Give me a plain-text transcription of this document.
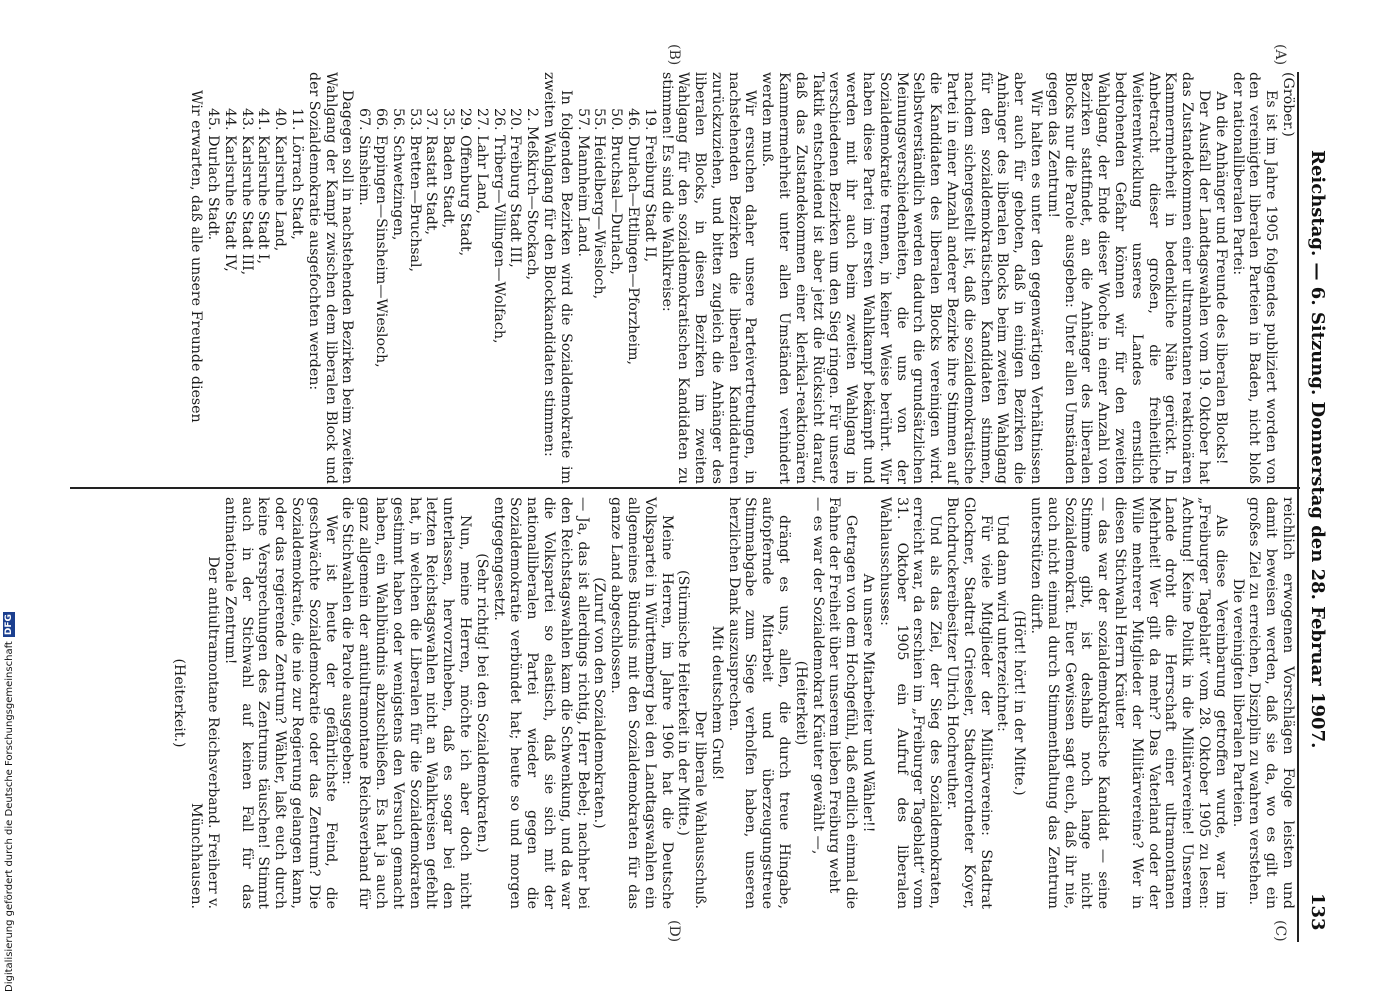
Reichstag. — 6. Sitzung. Donnerstag den 28. Februar 1907.
133
(A)
(B)
(C)
(D)

(Gröber.)

Es ist im Jahre 1905 folgendes publiziert worden von den vereinigten liberalen Parteien in Baden, nicht bloß der nationalliberalen Partei:

An die Anhänger und Freunde des liberalen Blocks!

Der Ausfall der Landtagswahlen vom 19. Oktober hat das Zustandekommen einer ultramontanen reaktionären Kammermehrheit in bedenkliche Nähe gerückt. In Anbetracht dieser großen, die freiheitliche Weiterentwicklung unseres Landes ernstlich bedrohenden Gefahr können wir für den zweiten Wahlgang, der Ende dieser Woche in einer Anzahl von Bezirken stattfindet, an die Anhänger des liberalen Blocks nur die Parole ausgeben: Unter allen Umständen gegen das Zentrum!

Wir halten es unter den gegenwärtigen Verhältnissen aber auch für geboten, daß in einigen Bezirken die Anhänger des liberalen Blocks beim zweiten Wahlgang für den sozialdemokratischen Kandidaten stimmen, nachdem sichergestellt ist, daß die sozialdemokratische Partei in einer Anzahl anderer Bezirke ihre Stimmen auf die Kandidaten des liberalen Blocks vereinigen wird. Selbstverständlich werden dadurch die grundsätzlichen Meinungsverschiedenheiten, die uns von der Sozialdemokratie trennen, in keiner Weise berührt. Wir haben diese Partei im ersten Wahlkampf bekämpft und werden mit ihr auch beim zweiten Wahlgang in verschiedenen Bezirken um den Sieg ringen. Für unsere Taktik entscheidend ist aber jetzt die Rücksicht darauf, daß das Zustandekommen einer klerikal-reaktionären Kammermehrheit unter allen Umständen verhindert werden muß.

Wir ersuchen daher unsere Parteivertretungen, in nachstehenden Bezirken die liberalen Kandidaturen zurückzuziehen, und bitten zugleich die Anhänger des liberalen Blocks, in diesen Bezirken im zweiten Wahlgang für den sozialdemokratischen Kandidaten zu stimmen! Es sind die Wahlkreise:

19. Freiburg Stadt II,

46. Durlach—Ettlingen—Pforzheim,

50. Bruchsal—Durlach,

55. Heidelberg—Wiesloch,

57. Mannheim Land.

In folgenden Bezirken wird die Sozialdemokratie im zweiten Wahlgang für den Blockkandidaten stimmen:

2. Meßkirch—Stockach,

20. Freiburg Stadt III,

26. Triberg—Villingen—Wolfach,

27. Lahr Land,

29. Offenburg Stadt,

35. Baden Stadt,

37. Rastatt Stadt,

53. Bretten—Bruchsal,

56. Schwetzingen,

66. Eppingen—Sinsheim—Wiesloch,

67. Sinsheim.

Dagegen soll in nachstehenden Bezirken beim zweiten Wahlgang der Kampf zwischen dem liberalen Block und der Sozialdemokratie ausgefochten werden:

11. Lörrach Stadt,

40. Karlsruhe Land,

41. Karlsruhe Stadt I,

43. Karlsruhe Stadt III,

44. Karlsruhe Stadt IV,

45. Durlach Stadt.

Wir erwarten, daß alle unsere Freunde diesen

reichlich erwogenen Vorschlägen Folge leisten und damit beweisen werden, daß sie da, wo es gilt ein großes Ziel zu erreichen, Disziplin zu wahren verstehen.

Die vereinigten liberalen Parteien.

Als diese Vereinbarung getroffen wurde, war im „Freiburger Tageblatt“ vom 28. Oktober 1905 zu lesen: Achtung! Keine Politik in die Militärvereine! Unserem Lande droht die Herrschaft einer ultramontanen Mehrheit! Wer gilt da mehr? Das Vaterland oder der Wille mehrerer Mitglieder der Militärvereine? Wer in diesen Stichwahl Herrn Kräuter

— das war der sozialdemokratische Kandidat — seine Stimme gibt, ist deshalb noch lange nicht Sozialdemokrat. Euer Gewissen sagt euch, daß ihr nie, auch nicht einmal durch Stimmenthaltung das Zentrum unterstützen dürft.

(Hört! hört! in der Mitte.)

Und dann wird unterzeichnet:

Für viele Mitglieder der Militärvereine: Stadtrat Glockner, Stadtrat Grieseler, Stadtverordneter Koyer, Buchdruckereibesitzer Ulrich Hochreuther.

Und als das Ziel, der Sieg des Sozialdemokraten, erreicht war, da erschien im „Freiburger Tageblatt“ vom 31. Oktober 1905 ein Aufruf des liberalen Wahlausschusses:

An unsere Mitarbeiter und Wähler!!

Getragen von dem Hochgefühl, daß endlich einmal die Fahne der Freiheit über unserem lieben Freiburg weht

— es war der Sozialdemokrat Kräuter gewählt —,

(Heiterkeit)

drängt es uns, allen, die durch treue Hingabe, aufopfernde Mitarbeit und überzeugungstreue Stimmabgabe zum Siege verholfen haben, unseren herzlichen Dank auszusprechen.

Mit deutschem Gruß!

Der liberale Wahlausschuß.

(Stürmische Heiterkeit in der Mitte.)

Meine Herren, im Jahre 1906 hat die Deutsche Volkspartei in Württemberg bei den Landtagswahlen ein allgemeines Bündnis mit den Sozialdemokraten für das ganze Land abgeschlossen.

(Zuruf von den Sozialdemokraten.)

— Ja, das ist allerdings richtig, Herr Bebel; nachher bei den Reichstagswahlen kam die Schwenkung, und da war die Volkspartei so elastisch, daß sie sich mit der nationalliberalen Partei wieder gegen die Sozialdemokratie verbündet hat; heute so und morgen entgegengesetzt.

(Sehr richtig! bei den Sozialdemokraten.)

Nun, meine Herren, möchte ich aber doch nicht unterlassen, hervorzuheben, daß es sogar bei den letzten Reichstagswahlen nicht an Wahlkreisen gefehlt hat, in welchen die Liberalen für die Sozialdemokraten gestimmt haben oder wenigstens den Versuch gemacht haben, ein Wahlbündnis abzuschließen. Es hat ja auch ganz allgemein der antiultramontane Reichsverband für die Stichwahlen die Parole ausgegeben:

Wer ist heute der gefährlichste Feind, die geschwächte Sozialdemokratie oder das Zentrum? Die Sozialdemokratie, die nie zur Regierung gelangen kann, oder das regierende Zentrum? Wähler, laßt euch durch keine Versprechungen des Zentrums täuschen! Stimmt auch in der Stichwahl auf keinen Fall für das antinationale Zentrum!

Der antiultramontane Reichsverband. Freiherr v. Münchhausen.

(Heiterkeit.)

Digitalisierung gefördert durch die Deutsche Forschungsgemeinschaft
DFG
